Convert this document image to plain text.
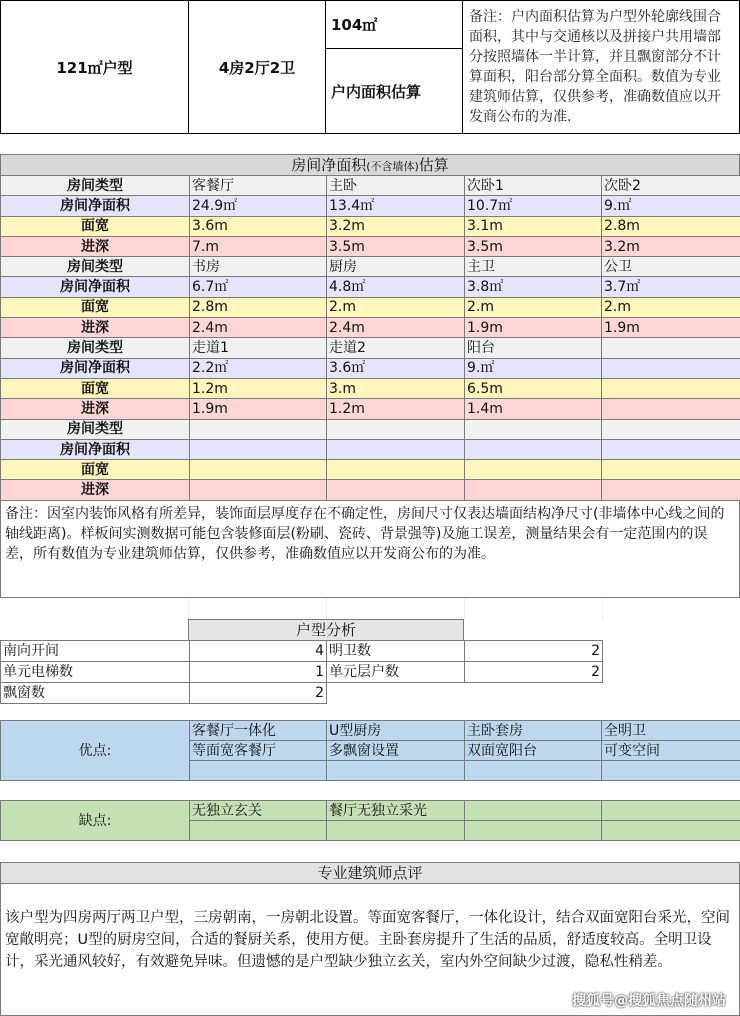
121㎡户型	4房2厅2卫
104㎡
户内面积估算
备注：户内面积估算为户型外轮廓线围合面积，其中与交通核以及拼接户共用墙部分按照墙体一半计算，并且飘窗部分不计算面积，阳台部分算全面积。数值为专业建筑师估算，仅供参考，准确数值应以开发商公布的为准.
房间净面积(不含墙体)估算
房间类型	客餐厅	主卧	次卧1	次卧2
房间净面积	24.9㎡	13.4㎡	10.7㎡	9.㎡
面宽	3.6m	3.2m	3.1m	2.8m
进深	7.m	3.5m	3.5m	3.2m
房间类型	书房	厨房	主卫	公卫
房间净面积	6.7㎡	4.8㎡	3.8㎡	3.7㎡
面宽	2.8m	2.m	2.m	2.m
进深	2.4m	2.4m	1.9m	1.9m
房间类型	走道1	走道2	阳台	
房间净面积	2.2㎡	3.6㎡	9.㎡	
面宽	1.2m	3.m	6.5m	
进深	1.9m	1.2m	1.4m	
房间类型				
房间净面积				
面宽				
进深				
备注：因室内装饰风格有所差异，装饰面层厚度存在不确定性，房间尺寸仅表达墙面结构净尺寸(非墙体中心线之间的轴线距离)。样板间实测数据可能包含装修面层(粉刷、瓷砖、背景强等)及施工误差，测量结果会有一定范围内的误差，所有数值为专业建筑师估算，仅供参考，准确数值应以开发商公布的为准。
户型分析
南向开间	4	明卫数	2
单元电梯数	1	单元层户数	2
飘窗数	2		
优点:	客餐厅一体化	U型厨房	主卧套房	全明卫
	等面宽客餐厅	多飘窗设置	双面宽阳台	可变空间

缺点:	无独立玄关	餐厅无独立采光		

专业建筑师点评
该户型为四房两厅两卫户型，三房朝南，一房朝北设置。等面宽客餐厅，一体化设计，结合双面宽阳台采光，空间宽敞明亮；U型的厨房空间，合适的餐厨关系，使用方便。主卧套房提升了生活的品质，舒适度较高。全明卫设计，采光通风较好，有效避免异味。但遗憾的是户型缺少独立玄关，室内外空间缺少过渡，隐私性稍差。
搜狐号@搜狐焦点随州站
